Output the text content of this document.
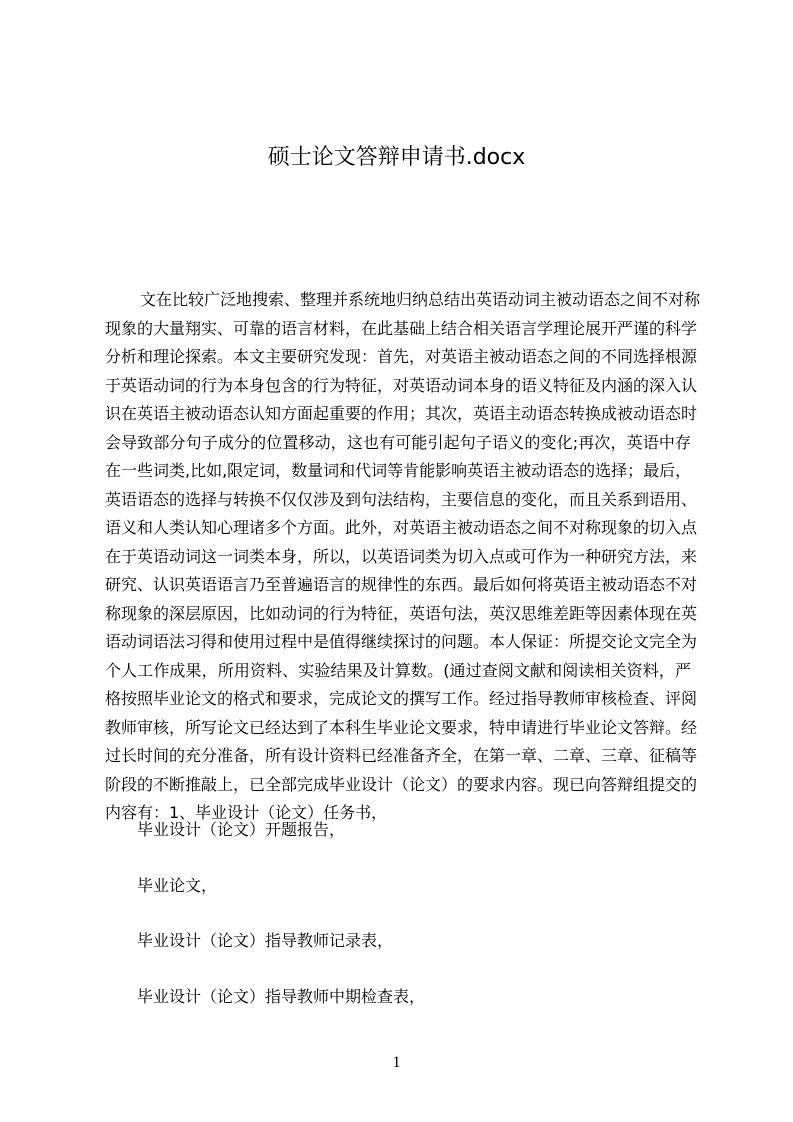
硕士论文答辩申请书.docx
文在比较广泛地搜索、整理并系统地归纳总结出英语动词主被动语态之间不对称
现象的大量翔实、可靠的语言材料，在此基础上结合相关语言学理论展开严谨的科学
分析和理论探索。本文主要研究发现：首先，对英语主被动语态之间的不同选择根源
于英语动词的行为本身包含的行为特征，对英语动词本身的语义特征及内涵的深入认
识在英语主被动语态认知方面起重要的作用；其次，英语主动语态转换成被动语态时
会导致部分句子成分的位置移动，这也有可能引起句子语义的变化;再次，英语中存
在一些词类,比如,限定词，数量词和代词等肯能影响英语主被动语态的选择；最后，
英语语态的选择与转换不仅仅涉及到句法结构，主要信息的变化，而且关系到语用、
语义和人类认知心理诸多个方面。此外，对英语主被动语态之间不对称现象的切入点
在于英语动词这一词类本身，所以，以英语词类为切入点或可作为一种研究方法，来
研究、认识英语语言乃至普遍语言的规律性的东西。最后如何将英语主被动语态不对
称现象的深层原因，比如动词的行为特征，英语句法，英汉思维差距等因素体现在英
语动词语法习得和使用过程中是值得继续探讨的问题。本人保证：所提交论文完全为
个人工作成果，所用资料、实验结果及计算数。(通过查阅文献和阅读相关资料，严
格按照毕业论文的格式和要求，完成论文的撰写工作。经过指导教师审核检查、评阅
教师审核，所写论文已经达到了本科生毕业论文要求，特申请进行毕业论文答辩。经
过长时间的充分准备，所有设计资料已经准备齐全，在第一章、二章、三章、征稿等
阶段的不断推敲上，已全部完成毕业设计（论文）的要求内容。现已向答辩组提交的
内容有：1、毕业设计（论文）任务书，
毕业设计（论文）开题报告，
毕业论文，
毕业设计（论文）指导教师记录表，
毕业设计（论文）指导教师中期检查表，
1
